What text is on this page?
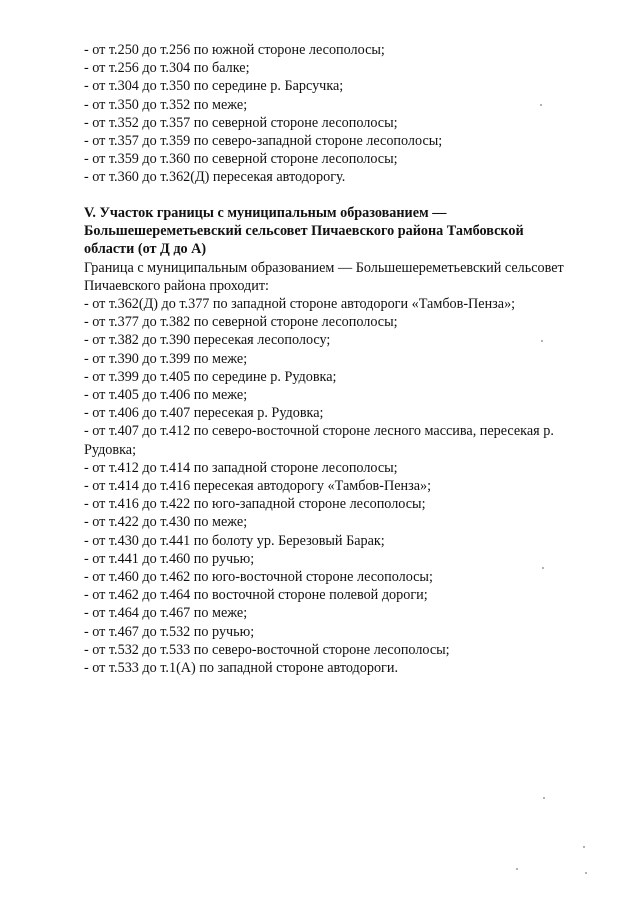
- от т.250 до т.256 по южной стороне лесополосы;
- от т.256 до т.304 по балке;
- от т.304 до т.350 по середине р. Барсучка;
- от т.350 до т.352 по меже;
- от т.352 до т.357 по северной стороне лесополосы;
- от т.357 до т.359 по северо-западной стороне лесополосы;
- от т.359 до т.360 по северной стороне лесополосы;
- от т.360 до т.362(Д) пересекая автодорогу.
V. Участок границы с муниципальным образованием —
Большешереметьевский сельсовет Пичаевского района Тамбовской
области (от Д до А)
Граница с муниципальным образованием — Большешереметьевский сельсовет
Пичаевского района проходит:
- от т.362(Д) до т.377 по западной стороне автодороги «Тамбов-Пенза»;
- от т.377 до т.382 по северной стороне лесополосы;
- от т.382 до т.390 пересекая лесополосу;
- от т.390 до т.399 по меже;
- от т.399 до т.405 по середине р. Рудовка;
- от т.405 до т.406 по меже;
- от т.406 до т.407 пересекая р. Рудовка;
- от т.407 до т.412 по северо-восточной стороне лесного массива, пересекая р.
Рудовка;
- от т.412 до т.414 по западной стороне лесополосы;
- от т.414 до т.416 пересекая автодорогу «Тамбов-Пенза»;
- от т.416 до т.422 по юго-западной стороне лесополосы;
- от т.422 до т.430 по меже;
- от т.430 до т.441 по болоту ур. Березовый Барак;
- от т.441 до т.460 по ручью;
- от т.460 до т.462 по юго-восточной стороне лесополосы;
- от т.462 до т.464 по восточной стороне полевой дороги;
- от т.464 до т.467 по меже;
- от т.467 до т.532 по ручью;
- от т.532 до т.533 по северо-восточной стороне лесополосы;
- от т.533 до т.1(А) по западной стороне автодороги.
